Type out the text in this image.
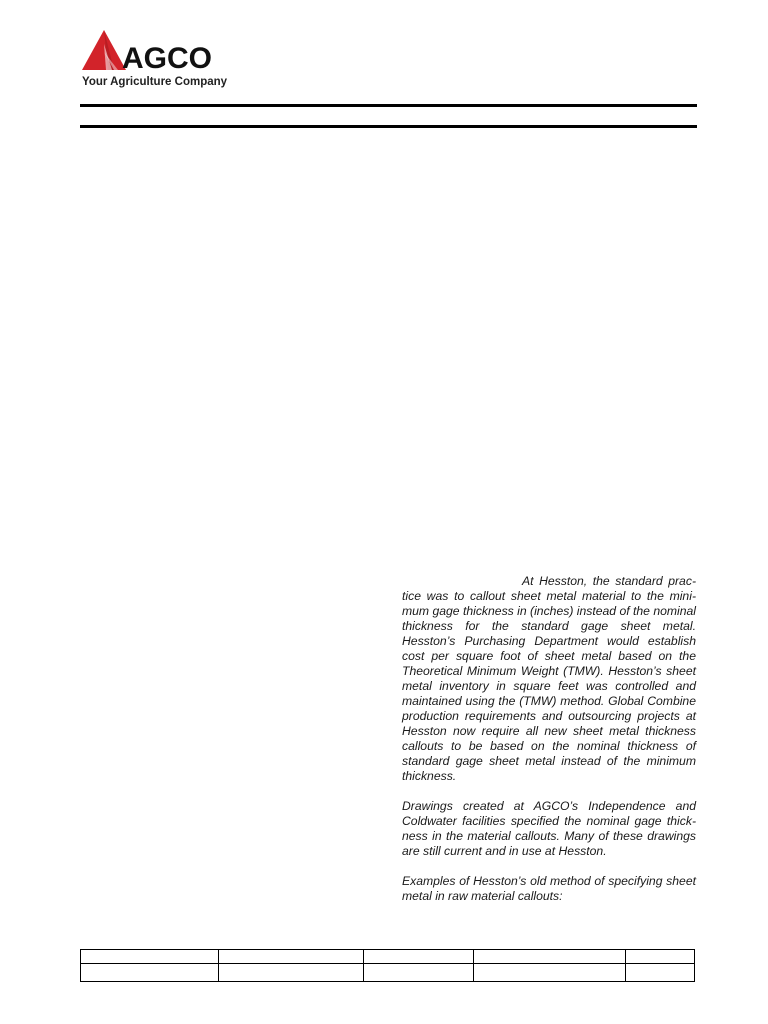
AGCO
Your Agriculture Company

At Hesston, the standard practice was to callout sheet metal material to the minimum gage thickness in (inches) instead of the nominal thickness for the standard gage sheet metal. Hesston’s Purchasing Department would establish cost per square foot of sheet metal based on the Theoretical Minimum Weight (TMW). Hesston’s sheet metal inventory in square feet was controlled and maintained using the (TMW) method. Global Combine production requirements and outsourcing projects at Hesston now require all new sheet metal thickness callouts to be based on the nominal thickness of standard gage sheet metal instead of the minimum thickness.

Drawings created at AGCO’s Independence and Coldwater facilities specified the nominal gage thickness in the material callouts. Many of these drawings are still current and in use at Hesston.

Examples of Hesston’s old method of specifying sheet metal in raw material callouts:
